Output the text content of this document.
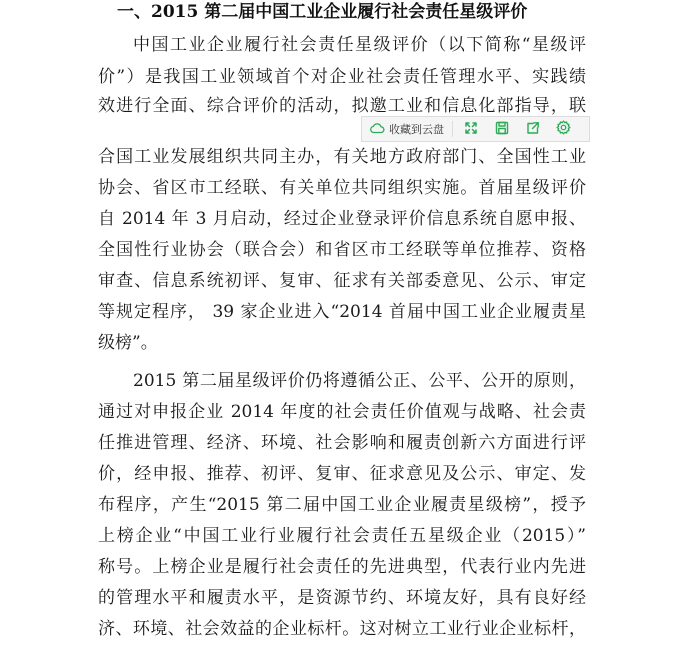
一、2015 第二届中国工业企业履行社会责任星级评价
中国工业企业履行社会责任星级评价（以下简称“星级评
价”）是我国工业领域首个对企业社会责任管理水平、实践绩
效进行全面、综合评价的活动，拟邀工业和信息化部指导，联
合国工业发展组织共同主办，有关地方政府部门、全国性工业
协会、省区市工经联、有关单位共同组织实施。首届星级评价
自 2014 年 3 月启动，经过企业登录评价信息系统自愿申报、
全国性行业协会（联合会）和省区市工经联等单位推荐、资格
审查、信息系统初评、复审、征求有关部委意见、公示、审定
等规定程序， 39 家企业进入“2014 首届中国工业企业履责星
级榜”。
2015 第二届星级评价仍将遵循公正、公平、公开的原则，
通过对申报企业 2014 年度的社会责任价值观与战略、社会责
任推进管理、经济、环境、社会影响和履责创新六方面进行评
价，经申报、推荐、初评、复审、征求意见及公示、审定、发
布程序，产生“2015 第二届中国工业企业履责星级榜”，授予
上榜企业“中国工业行业履行社会责任五星级企业（2015）”
称号。上榜企业是履行社会责任的先进典型，代表行业内先进
的管理水平和履责水平，是资源节约、环境友好，具有良好经
济、环境、社会效益的企业标杆。这对树立工业行业企业标杆，
收藏到云盘
